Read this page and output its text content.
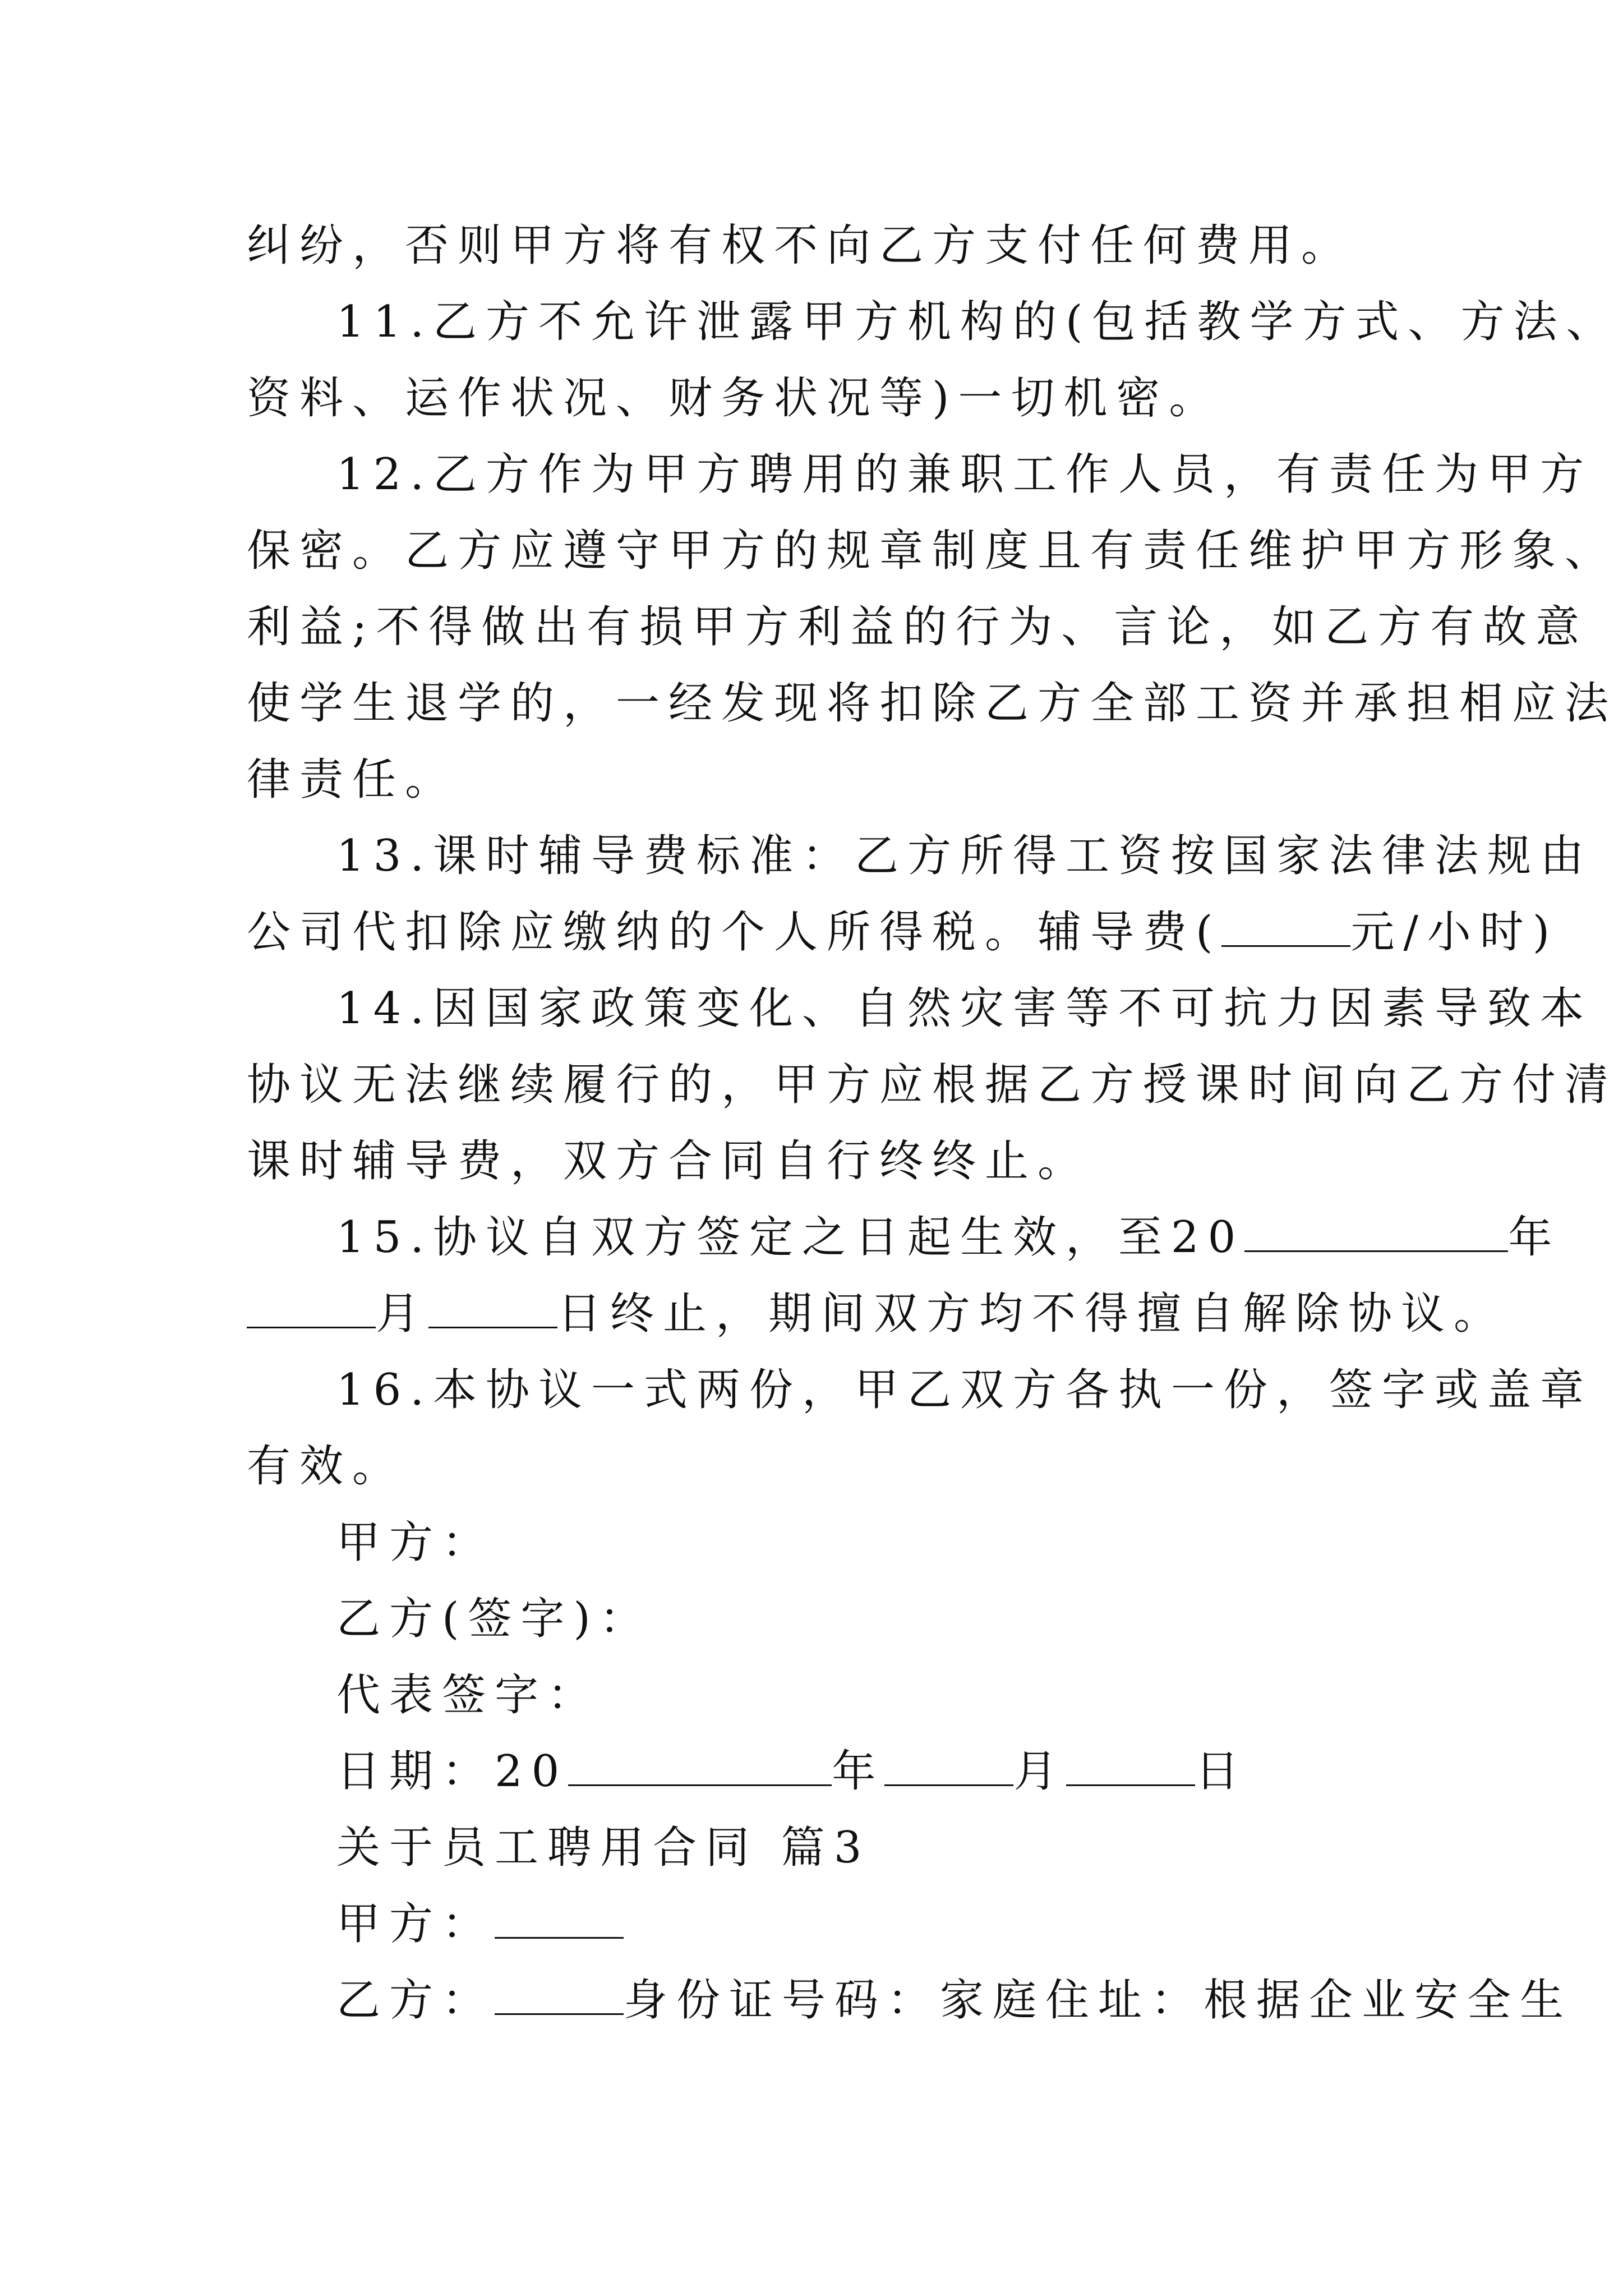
纠纷，否则甲方将有权不向乙方支付任何费用。
11.乙方不允许泄露甲方机构的(包括教学方式、方法、
资料、运作状况、财务状况等)一切机密。
12.乙方作为甲方聘用的兼职工作人员，有责任为甲方
保密。乙方应遵守甲方的规章制度且有责任维护甲方形象、
利益;不得做出有损甲方利益的行为、言论，如乙方有故意
使学生退学的，一经发现将扣除乙方全部工资并承担相应法
律责任。
13.课时辅导费标准：乙方所得工资按国家法律法规由
公司代扣除应缴纳的个人所得税。辅导费(	元/小时)
14.因国家政策变化、自然灾害等不可抗力因素导致本
协议无法继续履行的，甲方应根据乙方授课时间向乙方付清
课时辅导费，双方合同自行终终止。
15.协议自双方签定之日起生效，至20	年
月	日终止，期间双方均不得擅自解除协议。
16.本协议一式两份，甲乙双方各执一份，签字或盖章
有效。
甲方：
乙方(签字)：
代表签字：
日期：20	年	月	日
关于员工聘用合同 篇3
甲方：
乙方：	身份证号码：家庭住址：根据企业安全生
